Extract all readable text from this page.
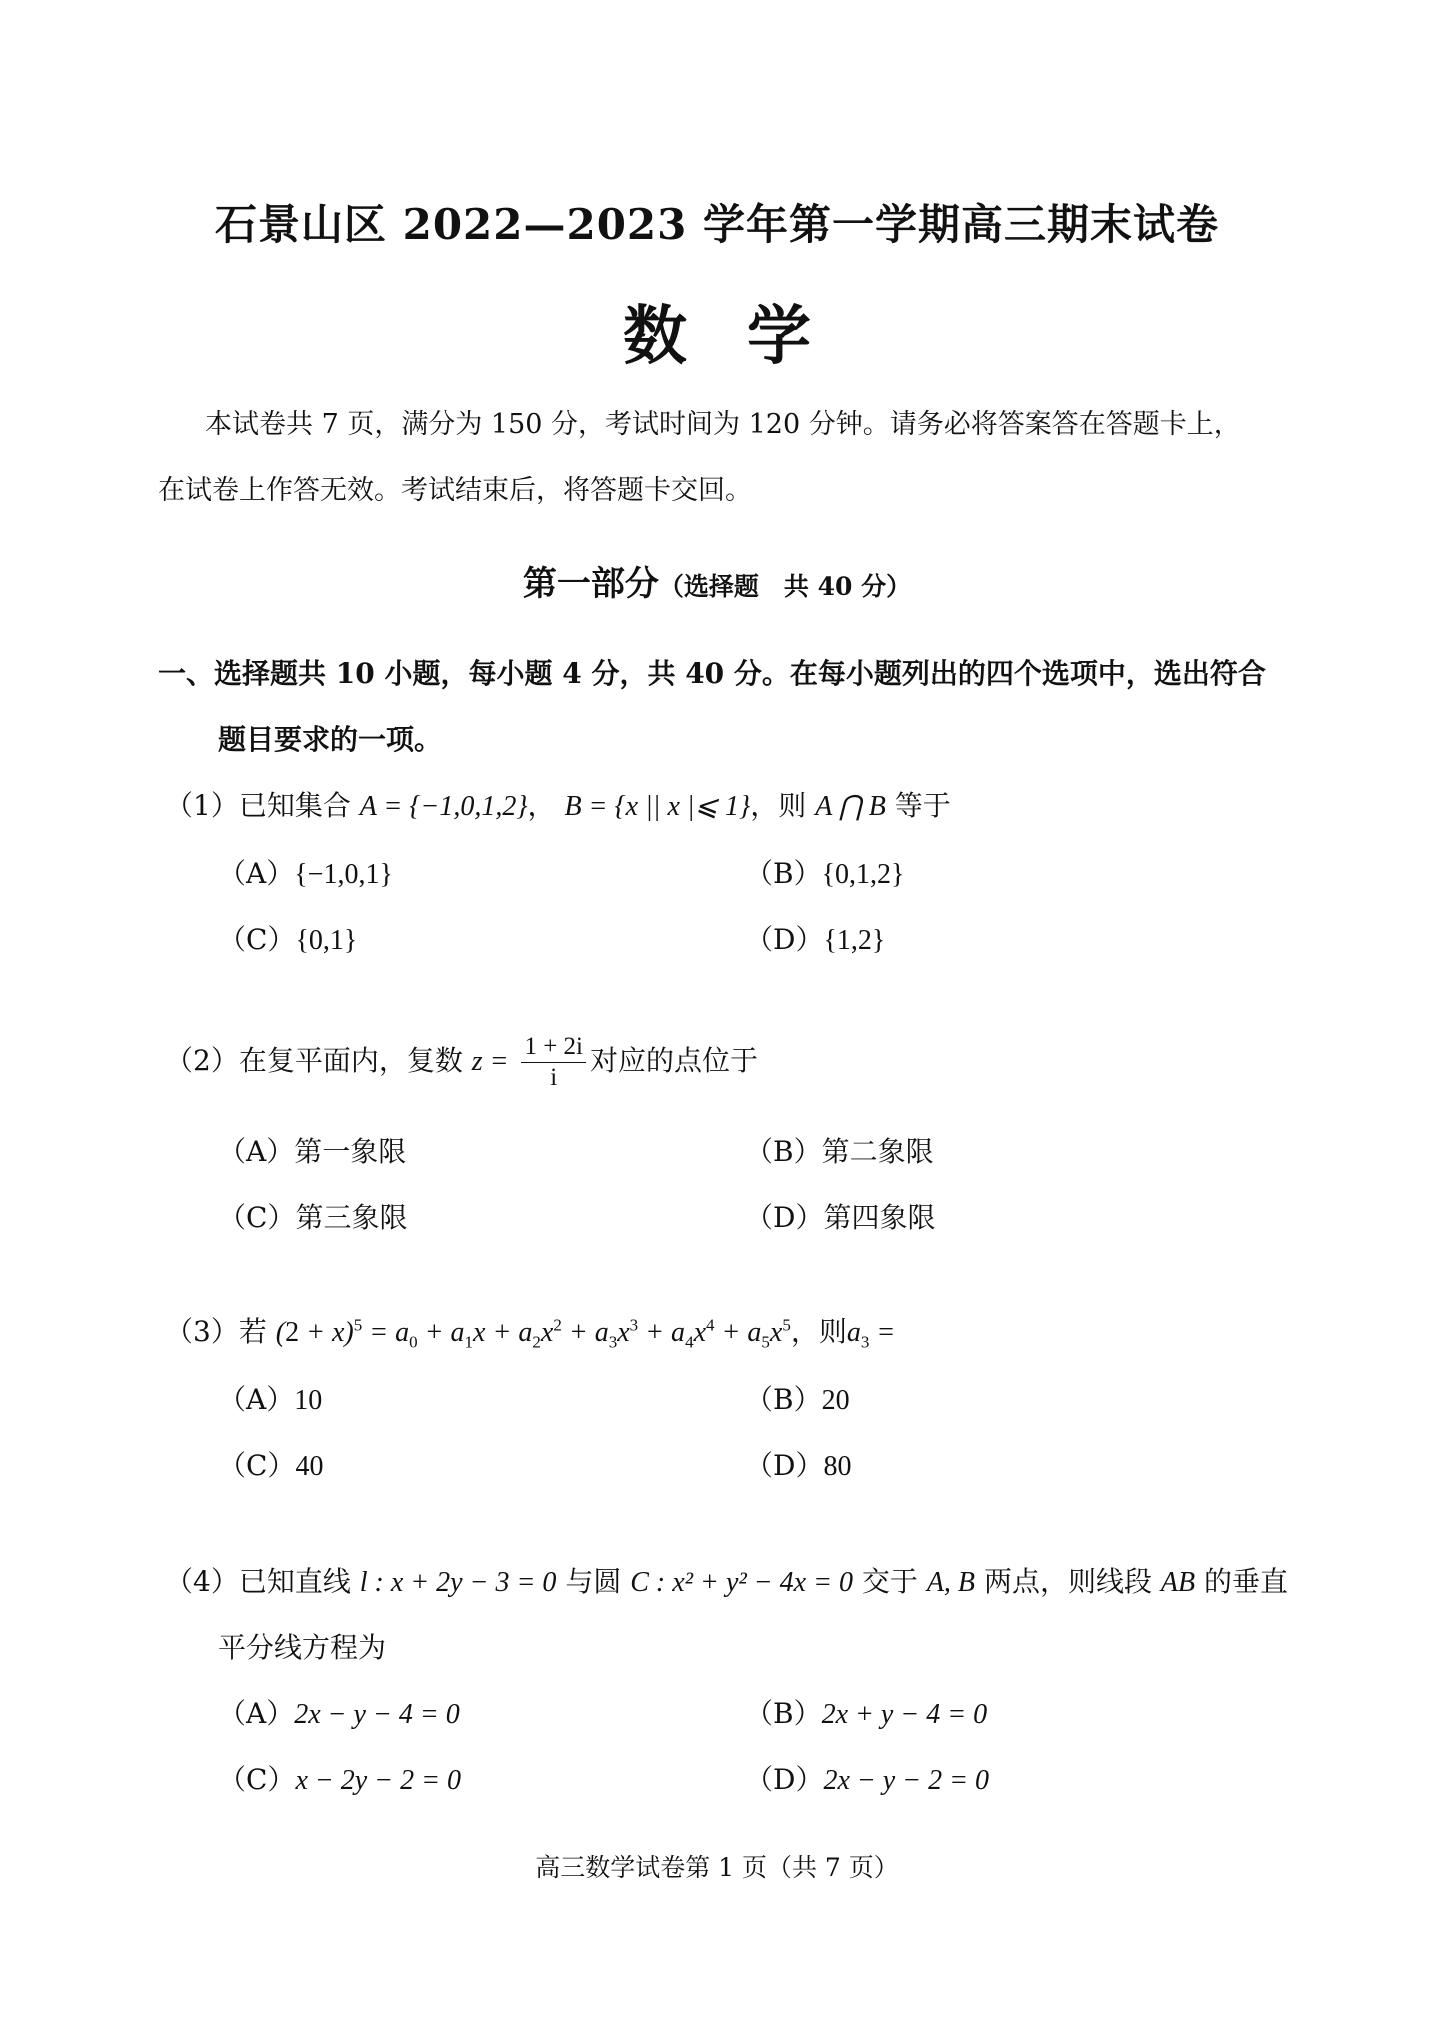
石景山区 2022—2023 学年第一学期高三期末试卷
数学
本试卷共 7 页，满分为 150 分，考试时间为 120 分钟。请务必将答案答在答题卡上，
在试卷上作答无效。考试结束后，将答题卡交回。
第一部分（选择题　共 40 分）
一、选择题共 10 小题，每小题 4 分，共 40 分。在每小题列出的四个选项中，选出符合
题目要求的一项。
（1）已知集合 A = {−1,0,1,2}， B = {x || x |⩽ 1}，则 A ⋂ B 等于
（A）{−1,0,1}	（B）{0,1,2}
（C）{0,1}	（D）{1,2}
（2）在复平面内，复数 $z = \frac{1 + 2i}{i}$ 对应的点位于
（A）第一象限	（B）第二象限
（C）第三象限	（D）第四象限
（3）若 $(2 + x)^5 = a_0 + a_1x + a_2x^2 + a_3x^3 + a_4x^4 + a_5x^5$，则$a_3$ =
（A）10	（B）20
（C）40	（D）80
（4）已知直线 l : x + 2y − 3 = 0 与圆 C : x² + y² − 4x = 0 交于 A, B 两点，则线段 AB 的垂直
平分线方程为
（A）2x − y − 4 = 0	（B）2x + y − 4 = 0
（C）x − 2y − 2 = 0	（D）2x − y − 2 = 0
高三数学试卷第 1 页（共 7 页）
